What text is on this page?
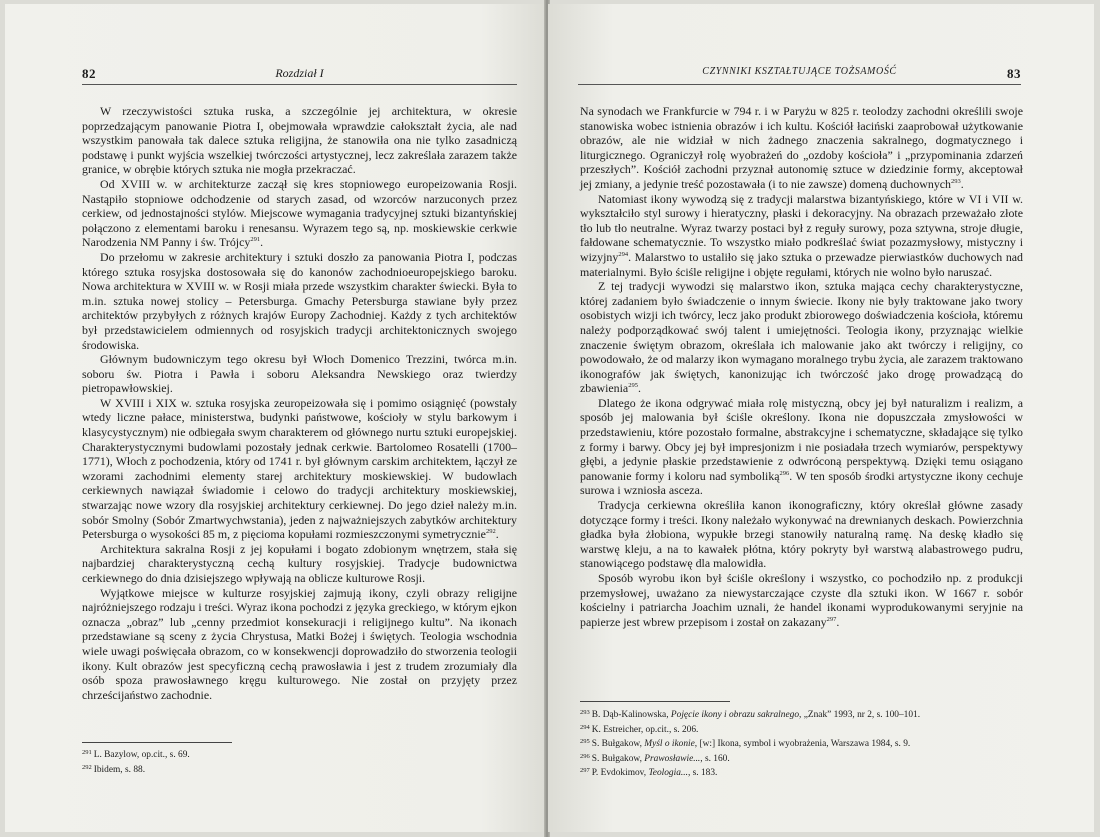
82	Rozdział I

W rzeczywistości sztuka ruska, a szczególnie jej architektura, w okresie poprzedzającym panowanie Piotra I, obejmowała wprawdzie całokształt życia, ale nad wszystkim panowała tak dalece sztuka religijna, że stanowiła ona nie tylko zasadniczą podstawę i punkt wyjścia wszelkiej twórczości artystycznej, lecz zakreślała zarazem także granice, w obrębie których sztuka nie mogła przekraczać.

Od XVIII w. w architekturze zaczął się kres stopniowego europeizowania Rosji. Nastąpiło stopniowe odchodzenie od starych zasad, od wzorców narzuconych przez cerkiew, od jednostajności stylów. Miejscowe wymagania tradycyjnej sztuki bizantyńskiej połączono z elementami baroku i renesansu. Wyrazem tego są, np. moskiewskie cerkwie Narodzenia NM Panny i św. Trójcy$^{291}$.

Do przełomu w zakresie architektury i sztuki doszło za panowania Piotra I, podczas którego sztuka rosyjska dostosowała się do kanonów zachodnioeuropejskiego baroku. Nowa architektura w XVIII w. w Rosji miała przede wszystkim charakter świecki. Była to m.in. sztuka nowej stolicy – Petersburga. Gmachy Petersburga stawiane były przez architektów przybyłych z różnych krajów Europy Zachodniej. Każdy z tych architektów był przedstawicielem odmiennych od rosyjskich tradycji architektonicznych swojego środowiska.

Głównym budowniczym tego okresu był Włoch Domenico Trezzini, twórca m.in. soboru św. Piotra i Pawła i soboru Aleksandra Newskiego oraz twierdzy pietropawłowskiej.

W XVIII i XIX w. sztuka rosyjska zeuropeizowała się i pomimo osiągnięć (powstały wtedy liczne pałace, ministerstwa, budynki państwowe, kościoły w stylu barkowym i klasycystycznym) nie odbiegała swym charakterem od głównego nurtu sztuki europejskiej. Charakterystycznymi budowlami pozostały jednak cerkwie. Bartolomeo Rosatelli (1700–1771), Włoch z pochodzenia, który od 1741 r. był głównym carskim architektem, łączył ze wzorami zachodnimi elementy starej architektury moskiewskiej. W budowlach cerkiewnych nawiązał świadomie i celowo do tradycji architektury moskiewskiej, stwarzając nowe wzory dla rosyjskiej architektury cerkiewnej. Do jego dzieł należy m.in. sobór Smolny (Sobór Zmartwychwstania), jeden z najważniejszych zabytków architektury Petersburga o wysokości 85 m, z pięcioma kopułami rozmieszczonymi symetrycznie$^{292}$.

Architektura sakralna Rosji z jej kopułami i bogato zdobionym wnętrzem, stała się najbardziej charakterystyczną cechą kultury rosyjskiej. Tradycje budownictwa cerkiewnego do dnia dzisiejszego wpływają na oblicze kulturowe Rosji.

Wyjątkowe miejsce w kulturze rosyjskiej zajmują ikony, czyli obrazy religijne najróżniejszego rodzaju i treści. Wyraz ikona pochodzi z języka greckiego, w którym ejkon oznacza „obraz” lub „cenny przedmiot konsekuracji i religijnego kultu”. Na ikonach przedstawiane są sceny z życia Chrystusa, Matki Bożej i świętych. Teologia wschodnia wiele uwagi poświęcała obrazom, co w konsekwencji doprowadziło do stworzenia teologii ikony. Kult obrazów jest specyficzną cechą prawosławia i jest z trudem zrozumiały dla osób spoza prawosławnego kręgu kulturowego. Nie został on przyjęty przez chrześcijaństwo zachodnie.

$^{291}$ L. Bazylow, op.cit., s. 69.
$^{292}$ Ibidem, s. 88.
CZYNNIKI KSZTAŁTUJĄCE TOŻSAMOŚĆ	83

Na synodach we Frankfurcie w 794 r. i w Paryżu w 825 r. teolodzy zachodni określili swoje stanowiska wobec istnienia obrazów i ich kultu. Kościół łaciński zaaprobował użytkowanie obrazów, ale nie widział w nich żadnego znaczenia sakralnego, dogmatycznego i liturgicznego. Ograniczył rolę wyobrażeń do „ozdoby kościoła” i „przypominania zdarzeń przeszłych”. Kościół zachodni przyznał autonomię sztuce w dziedzinie formy, akceptował jej zmiany, a jedynie treść pozostawała (i to nie zawsze) domeną duchownych$^{293}$.

Natomiast ikony wywodzą się z tradycji malarstwa bizantyńskiego, które w VI i VII w. wykształciło styl surowy i hieratyczny, płaski i dekoracyjny. Na obrazach przeważało złote tło lub tło neutralne. Wyraz twarzy postaci był z reguły surowy, poza sztywna, stroje długie, fałdowane schematycznie. To wszystko miało podkreślać świat pozazmysłowy, mistyczny i wizyjny$^{294}$. Malarstwo to ustaliło się jako sztuka o przewadze pierwiastków duchowych nad materialnymi. Było ściśle religijne i objęte regułami, których nie wolno było naruszać.

Z tej tradycji wywodzi się malarstwo ikon, sztuka mająca cechy charakterystyczne, której zadaniem było świadczenie o innym świecie. Ikony nie były traktowane jako twory osobistych wizji ich twórcy, lecz jako produkt zbiorowego doświadczenia kościoła, któremu należy podporządkować swój talent i umiejętności. Teologia ikony, przyznając wielkie znaczenie świętym obrazom, określała ich malowanie jako akt twórczy i religijny, co powodowało, że od malarzy ikon wymagano moralnego trybu życia, ale zarazem traktowano ikonografów jak świętych, kanonizując ich twórczość jako drogę prowadzącą do zbawienia$^{295}$.

Dlatego że ikona odgrywać miała rolę mistyczną, obcy jej był naturalizm i realizm, a sposób jej malowania był ściśle określony. Ikona nie dopuszczała zmysłowości w przedstawieniu, które pozostało formalne, abstrakcyjne i schematyczne, składające się tylko z formy i barwy. Obcy jej był impresjonizm i nie posiadała trzech wymiarów, perspektywy głębi, a jedynie płaskie przedstawienie z odwróconą perspektywą. Dzięki temu osiągano panowanie formy i koloru nad symboliką$^{296}$. W ten sposób środki artystyczne ikony cechuje surowa i wzniosła asceza.

Tradycja cerkiewna określiła kanon ikonograficzny, który określał główne zasady dotyczące formy i treści. Ikony należało wykonywać na drewnianych deskach. Powierzchnia gładka była żłobiona, wypukłe brzegi stanowiły naturalną ramę. Na deskę kładło się warstwę kleju, a na to kawałek płótna, który pokryty był warstwą alabastrowego pudru, stanowiącego podstawę dla malowidła.

Sposób wyrobu ikon był ściśle określony i wszystko, co pochodziło np. z produkcji przemysłowej, uważano za niewystarczające czyste dla sztuki ikon. W 1667 r. sobór kościelny i patriarcha Joachim uznali, że handel ikonami wyprodukowanymi seryjnie na papierze jest wbrew przepisom i został on zakazany$^{297}$.

$^{293}$ B. Dąb-Kalinowska, Pojęcie ikony i obrazu sakralnego, „Znak” 1993, nr 2, s. 100–101.
$^{294}$ K. Estreicher, op.cit., s. 206.
$^{295}$ S. Bułgakow, Myśl o ikonie, [w:] Ikona, symbol i wyobrażenia, Warszawa 1984, s. 9.
$^{296}$ S. Bułgakow, Prawosławie..., s. 160.
$^{297}$ P. Evdokimov, Teologia..., s. 183.
